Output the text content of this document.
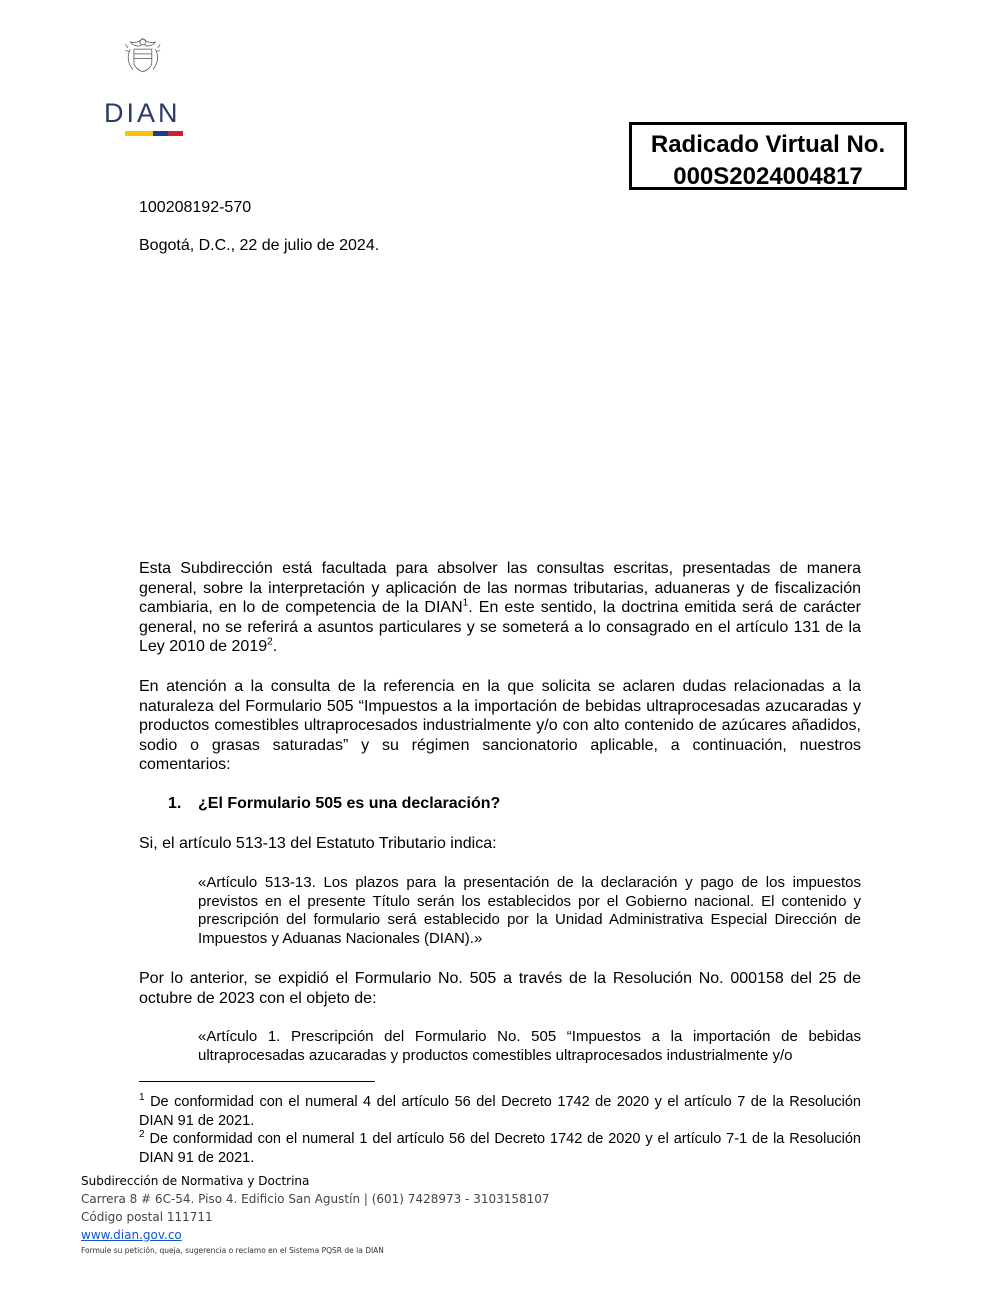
DIAN
Radicado Virtual No.
000S2024004817
100208192-570
Bogotá, D.C., 22 de julio de 2024.
Esta Subdirección está facultada para absolver las consultas escritas, presentadas de manera general, sobre la interpretación y aplicación de las normas tributarias, aduaneras y de fiscalización cambiaria, en lo de competencia de la DIAN$^1$. En este sentido, la doctrina emitida será de carácter general, no se referirá a asuntos particulares y se someterá a lo consagrado en el artículo 131 de la Ley 2010 de 2019$^2$.
En atención a la consulta de la referencia en la que solicita se aclaren dudas relacionadas a la naturaleza del Formulario 505 “Impuestos a la importación de bebidas ultraprocesadas azucaradas y productos comestibles ultraprocesados industrialmente y/o con alto contenido de azúcares añadidos, sodio o grasas saturadas” y su régimen sancionatorio aplicable, a continuación, nuestros comentarios:
1. ¿El Formulario 505 es una declaración?
Si, el artículo 513-13 del Estatuto Tributario indica:
«Artículo 513-13. Los plazos para la presentación de la declaración y pago de los impuestos previstos en el presente Título serán los establecidos por el Gobierno nacional. El contenido y prescripción del formulario será establecido por la Unidad Administrativa Especial Dirección de Impuestos y Aduanas Nacionales (DIAN).»
Por lo anterior, se expidió el Formulario No. 505 a través de la Resolución No. 000158 del 25 de octubre de 2023 con el objeto de:
«Artículo 1. Prescripción del Formulario No. 505 “Impuestos a la importación de bebidas ultraprocesadas azucaradas y productos comestibles ultraprocesados industrialmente y/o
$^1$ De conformidad con el numeral 4 del artículo 56 del Decreto 1742 de 2020 y el artículo 7 de la Resolución DIAN 91 de 2021.
$^2$ De conformidad con el numeral 1 del artículo 56 del Decreto 1742 de 2020 y el artículo 7-1 de la Resolución DIAN 91 de 2021.
Subdirección de Normativa y Doctrina
Carrera 8 # 6C-54. Piso 4. Edificio San Agustín | (601) 7428973 - 3103158107
Código postal 111711
www.dian.gov.co
Formule su petición, queja, sugerencia o reclamo en el Sistema PQSR de la DIAN
